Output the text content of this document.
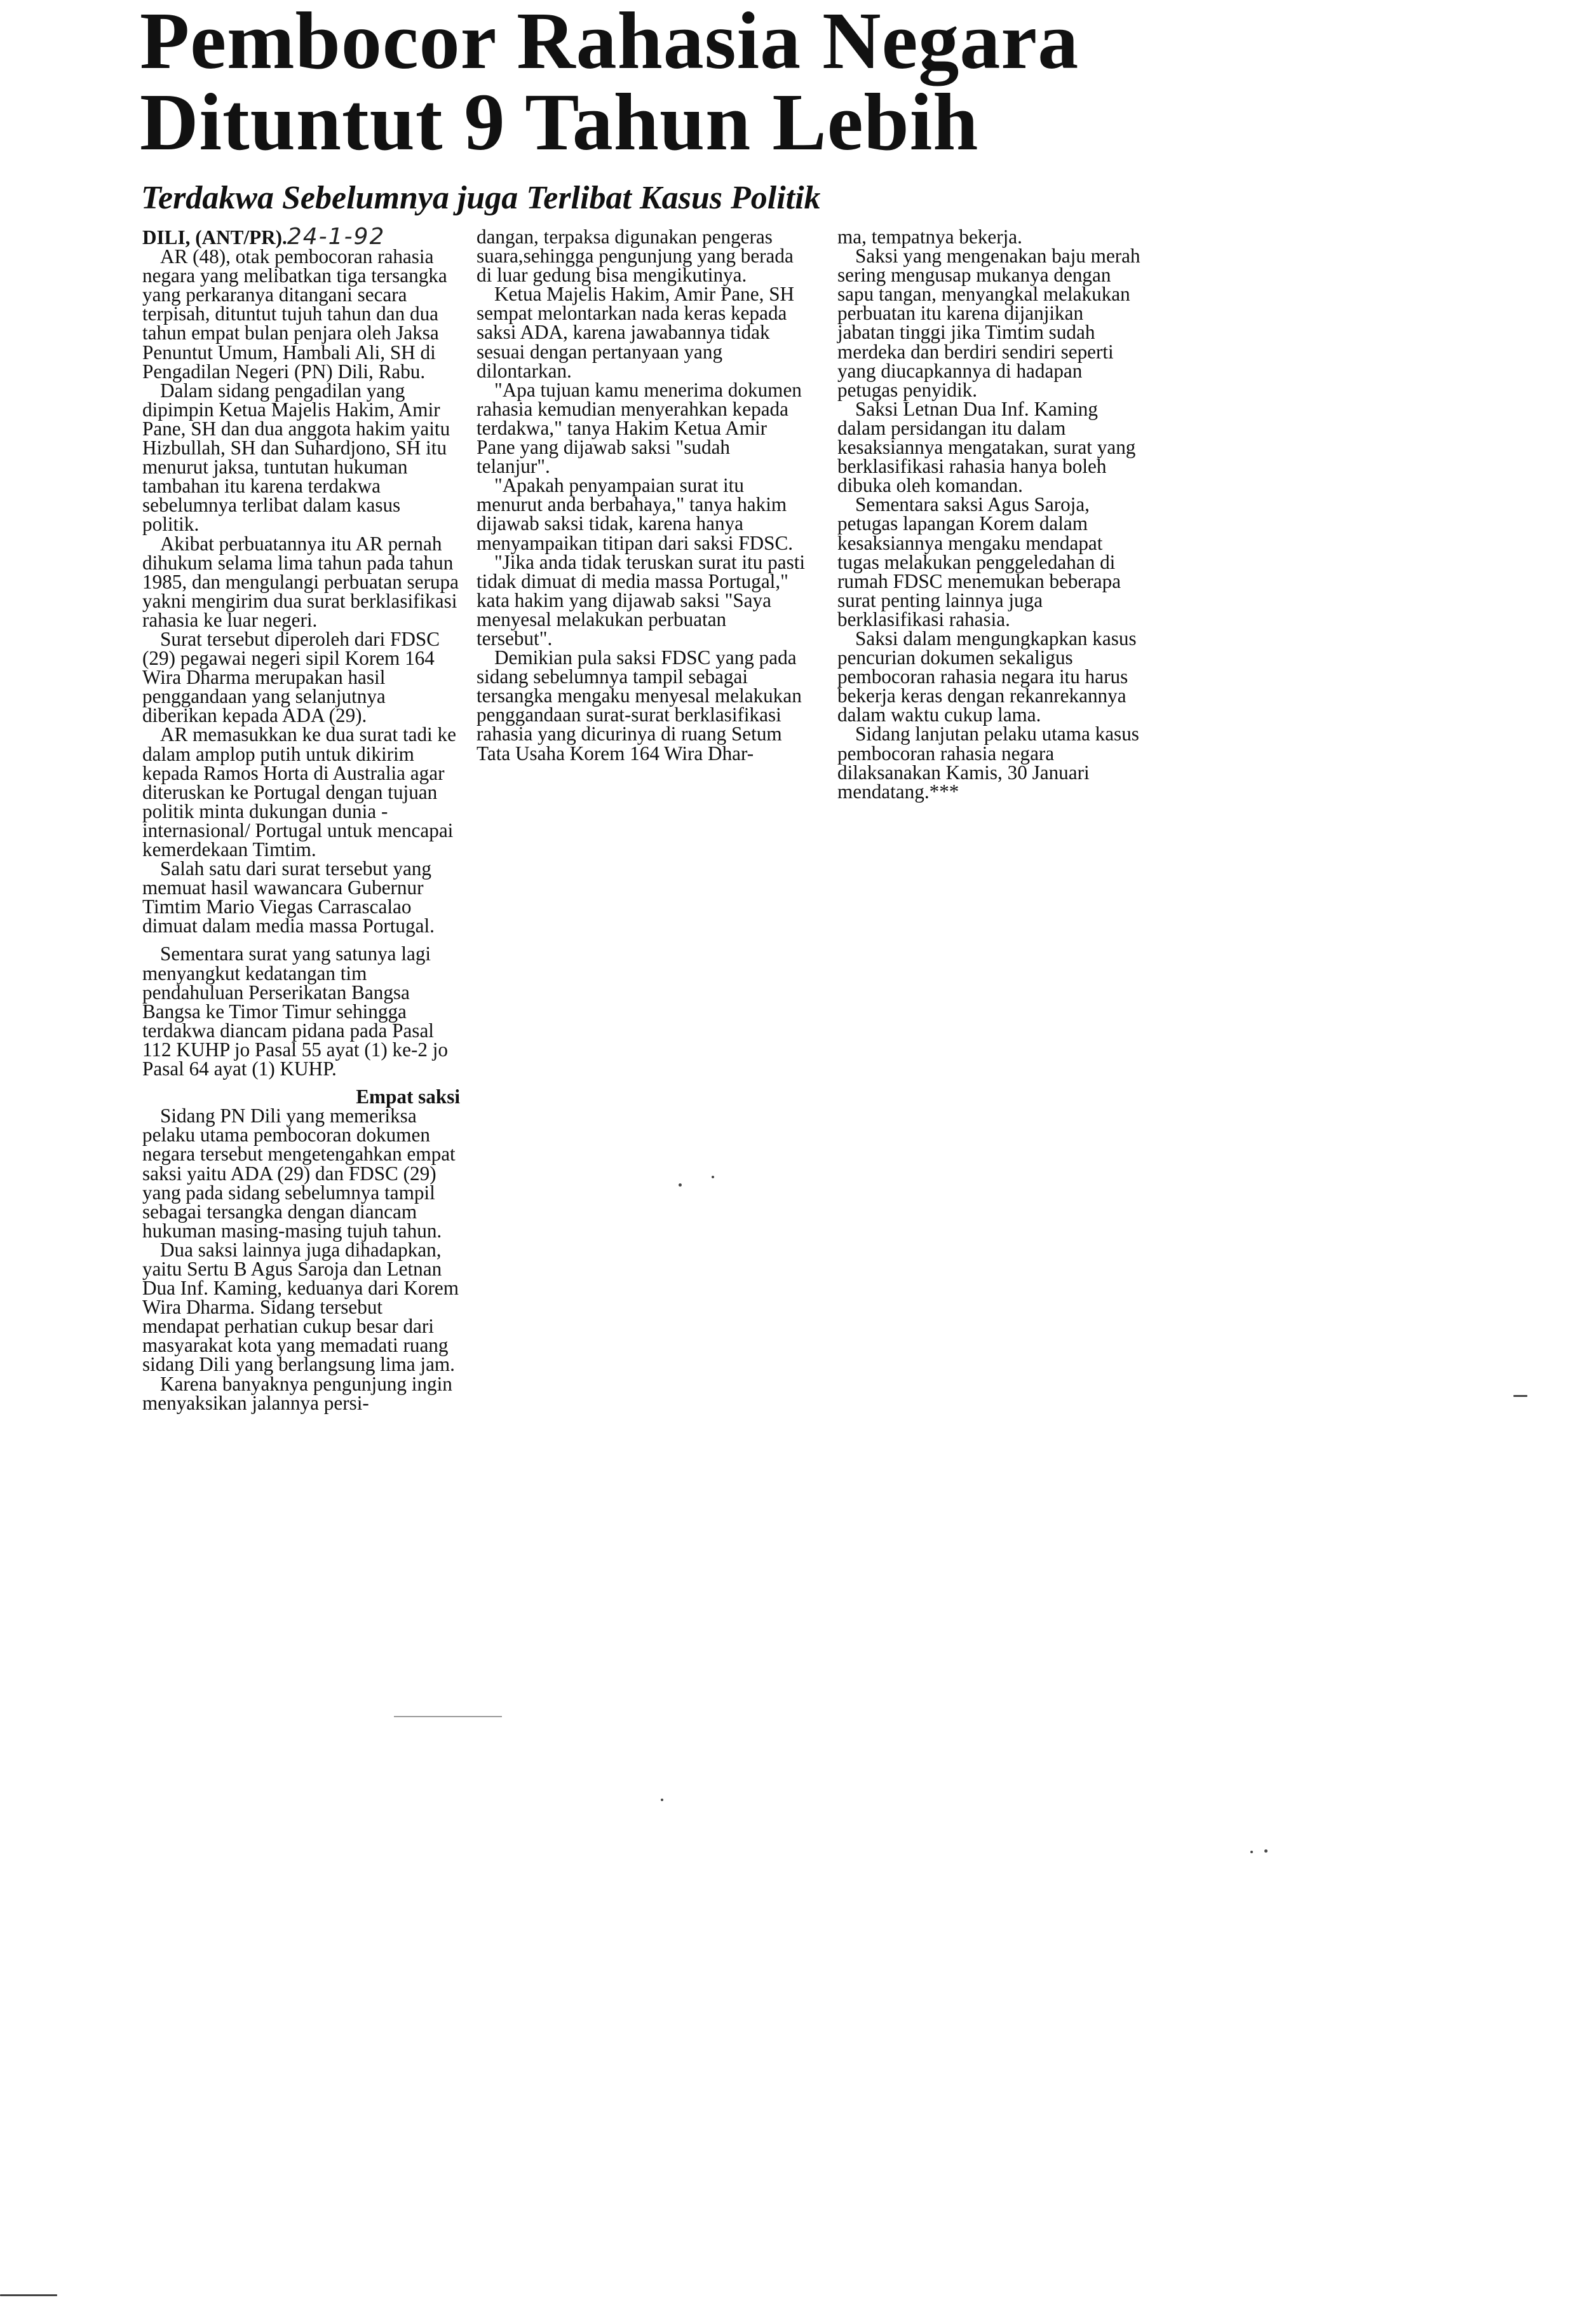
Pembocor Rahasia Negara
Dituntut 9 Tahun Lebih
Terdakwa Sebelumnya juga Terlibat Kasus Politik

DILI, (ANT/PR).24-1-92

AR (48), otak pembocoran rahasia negara yang melibatkan tiga tersangka yang perkaranya ditangani secara terpisah, dituntut tujuh tahun dan dua tahun empat bulan penjara oleh Jaksa Penuntut Umum, Hambali Ali, SH di Pengadilan Negeri (PN) Dili, Rabu.

Dalam sidang pengadilan yang dipimpin Ketua Majelis Hakim, Amir Pane, SH dan dua anggota hakim yaitu Hizbullah, SH dan Suhardjono, SH itu menurut jaksa, tuntutan hukuman tambahan itu karena terdakwa sebelumnya terlibat dalam kasus politik.

Akibat perbuatannya itu AR pernah dihukum selama lima tahun pada tahun 1985, dan mengulangi perbuatan serupa yakni mengirim dua surat berklasifikasi rahasia ke luar negeri.

Surat tersebut diperoleh dari FDSC (29) pegawai negeri sipil Korem 164 Wira Dharma merupakan hasil penggandaan yang selanjutnya diberikan kepada ADA (29).

AR memasukkan ke dua surat tadi ke dalam amplop putih untuk dikirim kepada Ramos Horta di Australia agar diteruskan ke Portugal dengan tujuan politik minta dukungan dunia - internasional/ Portugal untuk mencapai kemerdekaan Timtim.

Salah satu dari surat tersebut yang memuat hasil wawancara Gubernur Timtim Mario Viegas Carrascalao dimuat dalam media massa Portugal.

Sementara surat yang satunya lagi menyangkut kedatangan tim pendahuluan Perserikatan Bangsa Bangsa ke Timor Timur sehingga terdakwa diancam pidana pada Pasal 112 KUHP jo Pasal 55 ayat (1) ke-2 jo Pasal 64 ayat (1) KUHP.

Empat saksi

Sidang PN Dili yang memeriksa pelaku utama pembocoran dokumen negara tersebut mengetengahkan empat saksi yaitu ADA (29) dan FDSC (29) yang pada sidang sebelumnya tampil sebagai tersangka dengan diancam hukuman masing-masing tujuh tahun.

Dua saksi lainnya juga dihadapkan, yaitu Sertu B Agus Saroja dan Letnan Dua Inf. Kaming, keduanya dari Korem Wira Dharma. Sidang tersebut mendapat perhatian cukup besar dari masyarakat kota yang memadati ruang sidang Dili yang berlangsung lima jam.

Karena banyaknya pengunjung ingin menyaksikan jalannya persi-

dangan, terpaksa digunakan pengeras suara,sehingga pengunjung yang berada di luar gedung bisa mengikutinya.

Ketua Majelis Hakim, Amir Pane, SH sempat melontarkan nada keras kepada saksi ADA, karena jawabannya tidak sesuai dengan pertanyaan yang dilontarkan.

"Apa tujuan kamu menerima dokumen rahasia kemudian menyerahkan kepada terdakwa," tanya Hakim Ketua Amir Pane yang dijawab saksi "sudah telanjur".

"Apakah penyampaian surat itu menurut anda berbahaya," tanya hakim dijawab saksi tidak, karena hanya menyampaikan titipan dari saksi FDSC.

"Jika anda tidak teruskan surat itu pasti tidak dimuat di media massa Portugal," kata hakim yang dijawab saksi "Saya menyesal melakukan perbuatan tersebut".

Demikian pula saksi FDSC yang pada sidang sebelumnya tampil sebagai tersangka mengaku menyesal melakukan penggandaan surat-surat berklasifikasi rahasia yang dicurinya di ruang Setum Tata Usaha Korem 164 Wira Dhar-

ma, tempatnya bekerja.

Saksi yang mengenakan baju merah sering mengusap mukanya dengan sapu tangan, menyangkal melakukan perbuatan itu karena dijanjikan jabatan tinggi jika Timtim sudah merdeka dan berdiri sendiri seperti yang diucapkannya di hadapan petugas penyidik.

Saksi Letnan Dua Inf. Kaming dalam persidangan itu dalam kesaksiannya mengatakan, surat yang berklasifikasi rahasia hanya boleh dibuka oleh komandan.

Sementara saksi Agus Saroja, petugas lapangan Korem dalam kesaksiannya mengaku mendapat tugas melakukan penggeledahan di rumah FDSC menemukan beberapa surat penting lainnya juga berklasifikasi rahasia.

Saksi dalam mengungkapkan kasus pencurian dokumen sekaligus pembocoran rahasia negara itu harus bekerja keras dengan rekanrekannya dalam waktu cukup lama.

Sidang lanjutan pelaku utama kasus pembocoran rahasia negara dilaksanakan Kamis, 30 Januari mendatang.***
